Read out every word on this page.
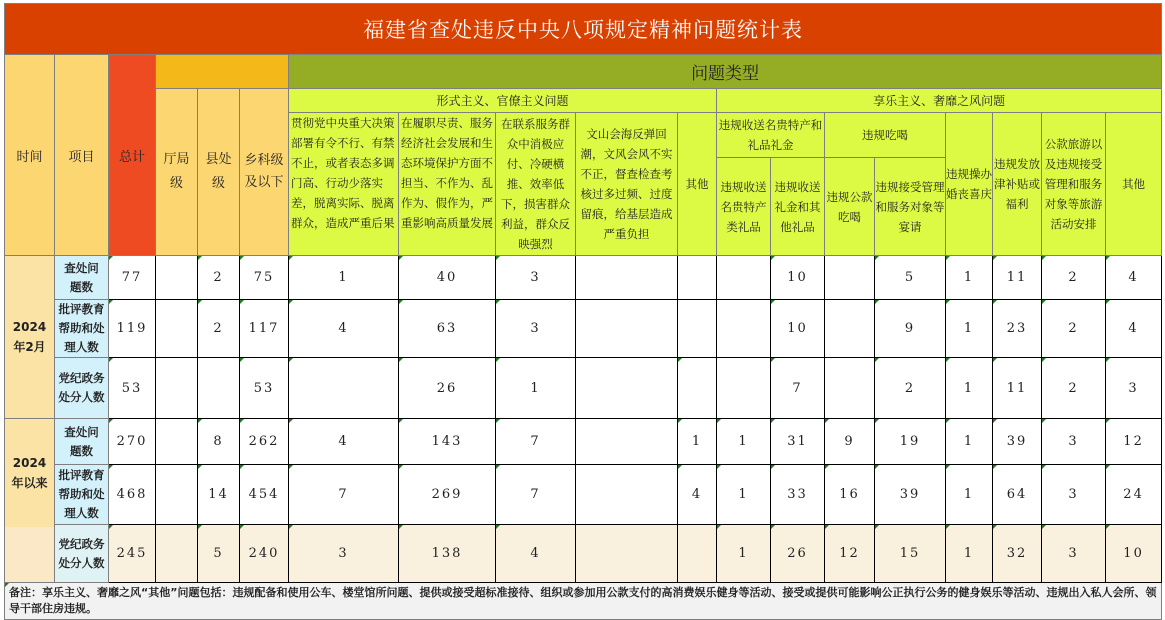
福建省查处违反中央八项规定精神问题统计表																		
时间	项目	总计				问题类型												
			厅局级	县处级	乡科级及以下	形式主义、官僚主义问题					享乐主义、奢靡之风问题							
						贯彻党中央重大决策部署有令不行、有禁不止，或者表态多调门高、行动少落实差，脱离实际、脱离群众，造成严重后果	在履职尽责、服务经济社会发展和生态环境保护方面不担当、不作为、乱作为、假作为，严重影响高质量发展	在联系服务群众中消极应付、冷硬横推、效率低下，损害群众利益，群众反映强烈	文山会海反弹回潮，文风会风不实不正，督查检查考核过多过频、过度留痕，给基层造成严重负担	其他	违规收送名贵特产和礼品礼金		违规吃喝		违规操办婚丧喜庆	违规发放津补贴或福利	公款旅游以及违规接受管理和服务对象等旅游活动安排	其他
											违规收送名贵特产类礼品	违规收送礼金和其他礼品	违规公款吃喝	违规接受管理和服务对象等宴请				
2024年2月	查处问题数	77		2	75	1	40	3				10		5	1	11	2	4
	批评教育帮助和处理人数	119		2	117	4	63	3				10		9	1	23	2	4
	党纪政务处分人数	53			53		26	1				7		2	1	11	2	3
2024年以来	查处问题数	270		8	262	4	143	7		1	1	31	9	19	1	39	3	12
	批评教育帮助和处理人数	468		14	454	7	269	7		4	1	33	16	39	1	64	3	24
	党纪政务处分人数	245		5	240	3	138	4			1	26	12	15	1	32	3	10
备注：享乐主义、奢靡之风“其他”问题包括：违规配备和使用公车、楼堂馆所问题、提供或接受超标准接待、组织或参加用公款支付的高消费娱乐健身等活动、接受或提供可能影响公正执行公务的健身娱乐等活动、违规出入私人会所、领导干部住房违规。																		
